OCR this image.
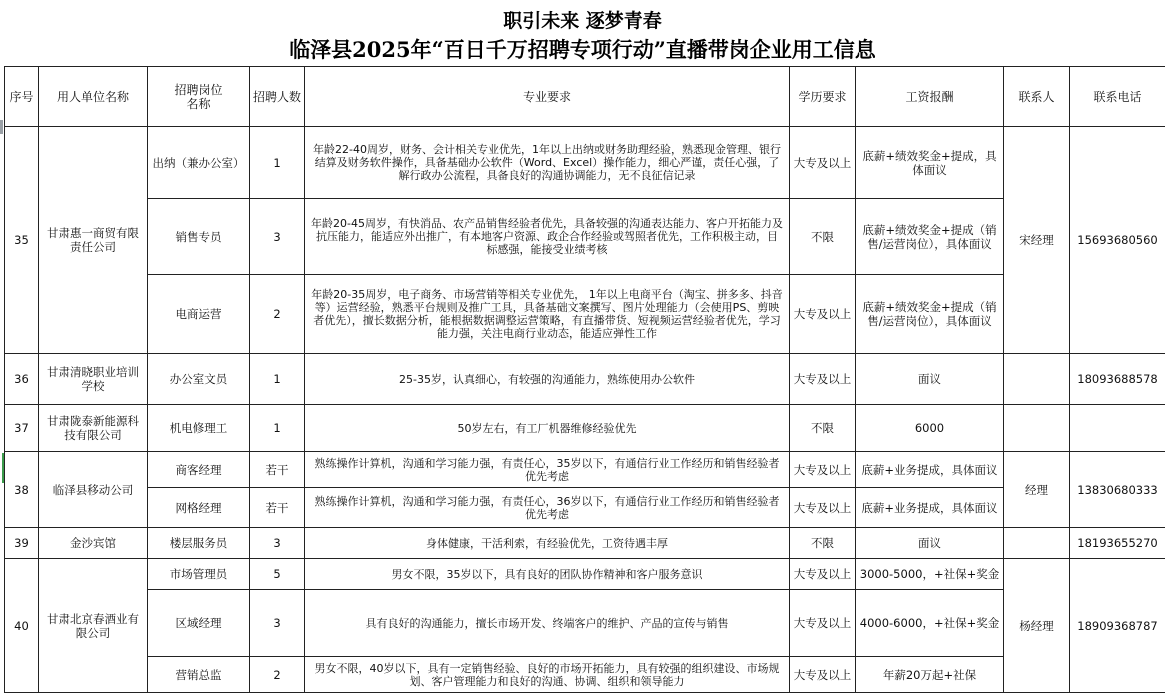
职引未来 逐梦青春
临泽县2025年“百日千万招聘专项行动”直播带岗企业用工信息
序号	用人单位名称	招聘岗位名称	招聘人数	专业要求	学历要求	工资报酬	联系人	联系电话
35	甘肃惠一商贸有限责任公司	出纳（兼办公室）	1	年龄22-40周岁，财务、会计相关专业优先，1年以上出纳或财务助理经验，熟悉现金管理、银行结算及财务软件操作，具备基础办公软件（Word、Excel）操作能力，细心严谨，责任心强，了解行政办公流程，具备良好的沟通协调能力，无不良征信记录	大专及以上	底薪+绩效奖金+提成，具体面议	宋经理	15693680560
		销售专员	3	年龄20-45周岁，有快消品、农产品销售经验者优先，具备较强的沟通表达能力、客户开拓能力及抗压能力，能适应外出推广，有本地客户资源、政企合作经验或驾照者优先，工作积极主动，目标感强，能接受业绩考核	不限	底薪+绩效奖金+提成（销售/运营岗位），具体面议		
		电商运营	2	年龄20-35周岁，电子商务、市场营销等相关专业优先， 1年以上电商平台（淘宝、拼多多、抖音等）运营经验，熟悉平台规则及推广工具，具备基础文案撰写、图片处理能力（会使用PS、剪映者优先），擅长数据分析，能根据数据调整运营策略，有直播带货、短视频运营经验者优先，学习能力强，关注电商行业动态，能适应弹性工作	大专及以上	底薪+绩效奖金+提成（销售/运营岗位），具体面议		
36	甘肃清晓职业培训学校	办公室文员	1	25-35岁，认真细心，有较强的沟通能力，熟练使用办公软件	大专及以上	面议		18093688578
37	甘肃陇泰新能源科技有限公司	机电修理工	1	50岁左右，有工厂机器维修经验优先	不限	6000		
38	临泽县移动公司	商客经理	若干	熟练操作计算机，沟通和学习能力强，有责任心，35岁以下，有通信行业工作经历和销售经验者优先考虑	大专及以上	底薪+业务提成，具体面议	经理	13830680333
		网格经理	若干	熟练操作计算机，沟通和学习能力强，有责任心，36岁以下，有通信行业工作经历和销售经验者优先考虑	大专及以上	底薪+业务提成，具体面议		
39	金沙宾馆	楼层服务员	3	身体健康，干活利索，有经验优先，工资待遇丰厚	不限	面议		18193655270
40	甘肃北京春酒业有限公司	市场管理员	5	男女不限，35岁以下，具有良好的团队协作精神和客户服务意识	大专及以上	3000-5000，+社保+奖金	杨经理	18909368787
		区域经理	3	具有良好的沟通能力，擅长市场开发、终端客户的维护、产品的宣传与销售	大专及以上	4000-6000，+社保+奖金		
		营销总监	2	男女不限，40岁以下，具有一定销售经验、良好的市场开拓能力，具有较强的组织建设、市场规划、客户管理能力和良好的沟通、协调、组织和领导能力	大专及以上	年薪20万起+社保		
